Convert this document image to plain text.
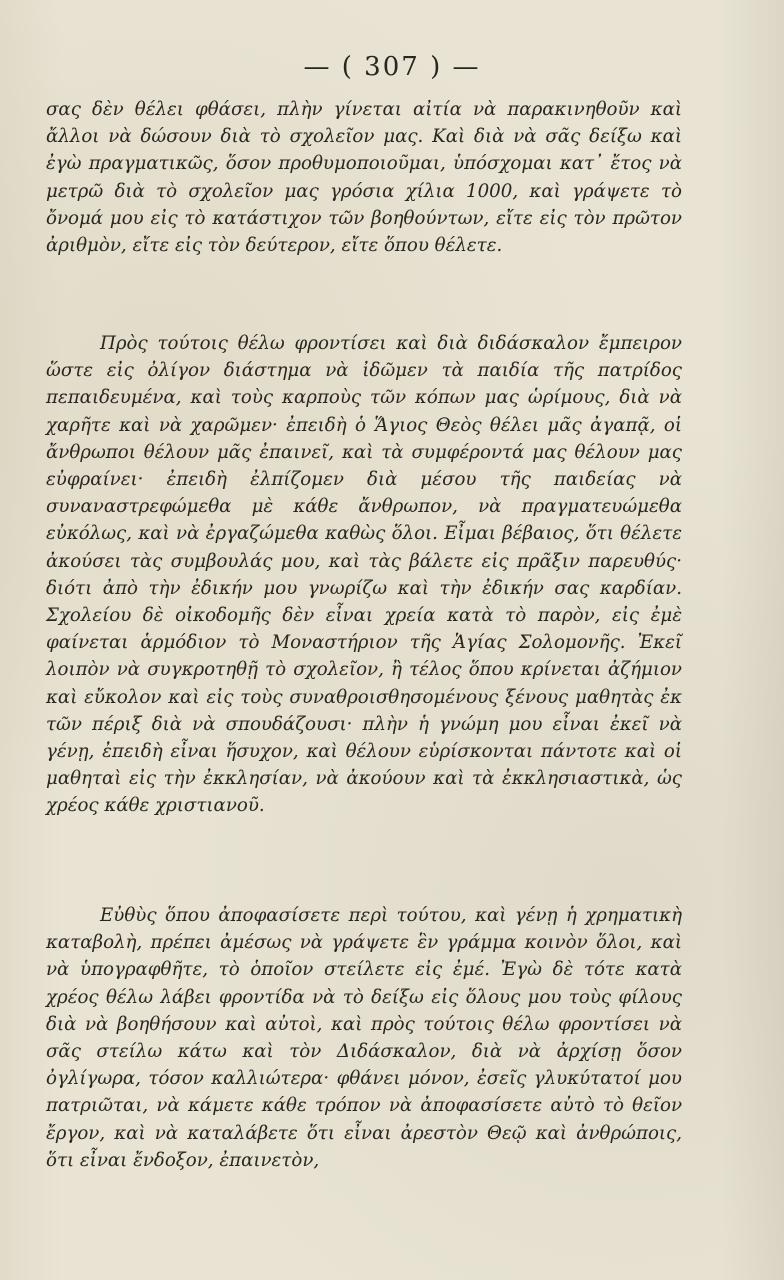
— ( 307 ) —

σας δὲν θέλει φθάσει, πλὴν γίνεται αἰτία νὰ παρακινηθοῦν καὶ ἄλλοι νὰ δώσουν διὰ τὸ σχολεῖον μας. Καὶ διὰ νὰ σᾶς δείξω καὶ ἐγὼ πραγματικῶς, ὅσον προθυμοποιοῦμαι, ὑπόσχομαι κατ᾽ ἔτος νὰ μετρῶ διὰ τὸ σχολεῖον μας γρόσια χίλια 1000, καὶ γράψετε τὸ ὄνομά μου εἰς τὸ κατάστιχον τῶν βοηθούντων, εἴτε εἰς τὸν πρῶτον ἀριθμὸν, εἴτε εἰς τὸν δεύτερον, εἴτε ὅπου θέλετε.

Πρὸς τούτοις θέλω φροντίσει καὶ διὰ διδάσκαλον ἔμπειρον ὥστε εἰς ὀλίγον διάστημα νὰ ἰδῶμεν τὰ παιδία τῆς πατρίδος πεπαιδευμένα, καὶ τοὺς καρποὺς τῶν κόπων μας ὡρίμους, διὰ νὰ χαρῆτε καὶ νὰ χαρῶμεν· ἐπειδὴ ὁ Ἅγιος Θεὸς θέλει μᾶς ἀγαπᾷ, οἱ ἄνθρωποι θέλουν μᾶς ἐπαινεῖ, καὶ τὰ συμφέροντά μας θέλουν μας εὐφραίνει· ἐπειδὴ ἐλπίζομεν διὰ μέσου τῆς παιδείας νὰ συναναστρεφώμεθα μὲ κάθε ἄνθρωπον, νὰ πραγματευώμεθα εὐκόλως, καὶ νὰ ἐργαζώμεθα καθὼς ὅλοι. Εἶμαι βέβαιος, ὅτι θέλετε ἀκούσει τὰς συμβουλάς μου, καὶ τὰς βάλετε εἰς πρᾶξιν παρευθύς· διότι ἀπὸ τὴν ἐδικήν μου γνωρίζω καὶ τὴν ἐδικήν σας καρδίαν. Σχολείου δὲ οἰκοδομῆς δὲν εἶναι χρεία κατὰ τὸ παρὸν, εἰς ἐμὲ φαίνεται ἁρμόδιον τὸ Μοναστήριον τῆς Ἁγίας Σολομονῆς. Ἐκεῖ λοιπὸν νὰ συγκροτηθῇ τὸ σχολεῖον, ἢ τέλος ὅπου κρίνεται ἀζήμιον καὶ εὔκολον καὶ εἰς τοὺς συναθροισθησομένους ξένους μαθητὰς ἐκ τῶν πέριξ διὰ νὰ σπουδάζουσι· πλὴν ἡ γνώμη μου εἶναι ἐκεῖ νὰ γένῃ, ἐπειδὴ εἶναι ἥσυχον, καὶ θέλουν εὑρίσκονται πάντοτε καὶ οἱ μαθηταὶ εἰς τὴν ἐκκλησίαν, νὰ ἀκούουν καὶ τὰ ἐκκλησιαστικὰ, ὡς χρέος κάθε χριστιανοῦ.

Εὐθὺς ὅπου ἀποφασίσετε περὶ τούτου, καὶ γένῃ ἡ χρηματικὴ καταβολὴ, πρέπει ἀμέσως νὰ γράψετε ἓν γράμμα κοινὸν ὅλοι, καὶ νὰ ὑπογραφθῆτε, τὸ ὁποῖον στείλετε εἰς ἐμέ. Ἐγὼ δὲ τότε κατὰ χρέος θέλω λάβει φροντίδα νὰ τὸ δείξω εἰς ὅλους μου τοὺς φίλους διὰ νὰ βοηθήσουν καὶ αὐτοὶ, καὶ πρὸς τούτοις θέλω φροντίσει νὰ σᾶς στείλω κάτω καὶ τὸν Διδάσκαλον, διὰ νὰ ἀρχίσῃ ὅσον ὀγλίγωρα, τόσον καλλιώτερα· φθάνει μόνον, ἐσεῖς γλυκύτατοί μου πατριῶται, νὰ κάμετε κάθε τρόπον νὰ ἀποφασίσετε αὐτὸ τὸ θεῖον ἔργον, καὶ νὰ καταλάβετε ὅτι εἶναι ἀρεστὸν Θεῷ καὶ ἀνθρώποις, ὅτι εἶναι ἔνδοξον, ἐπαινετὸν,
